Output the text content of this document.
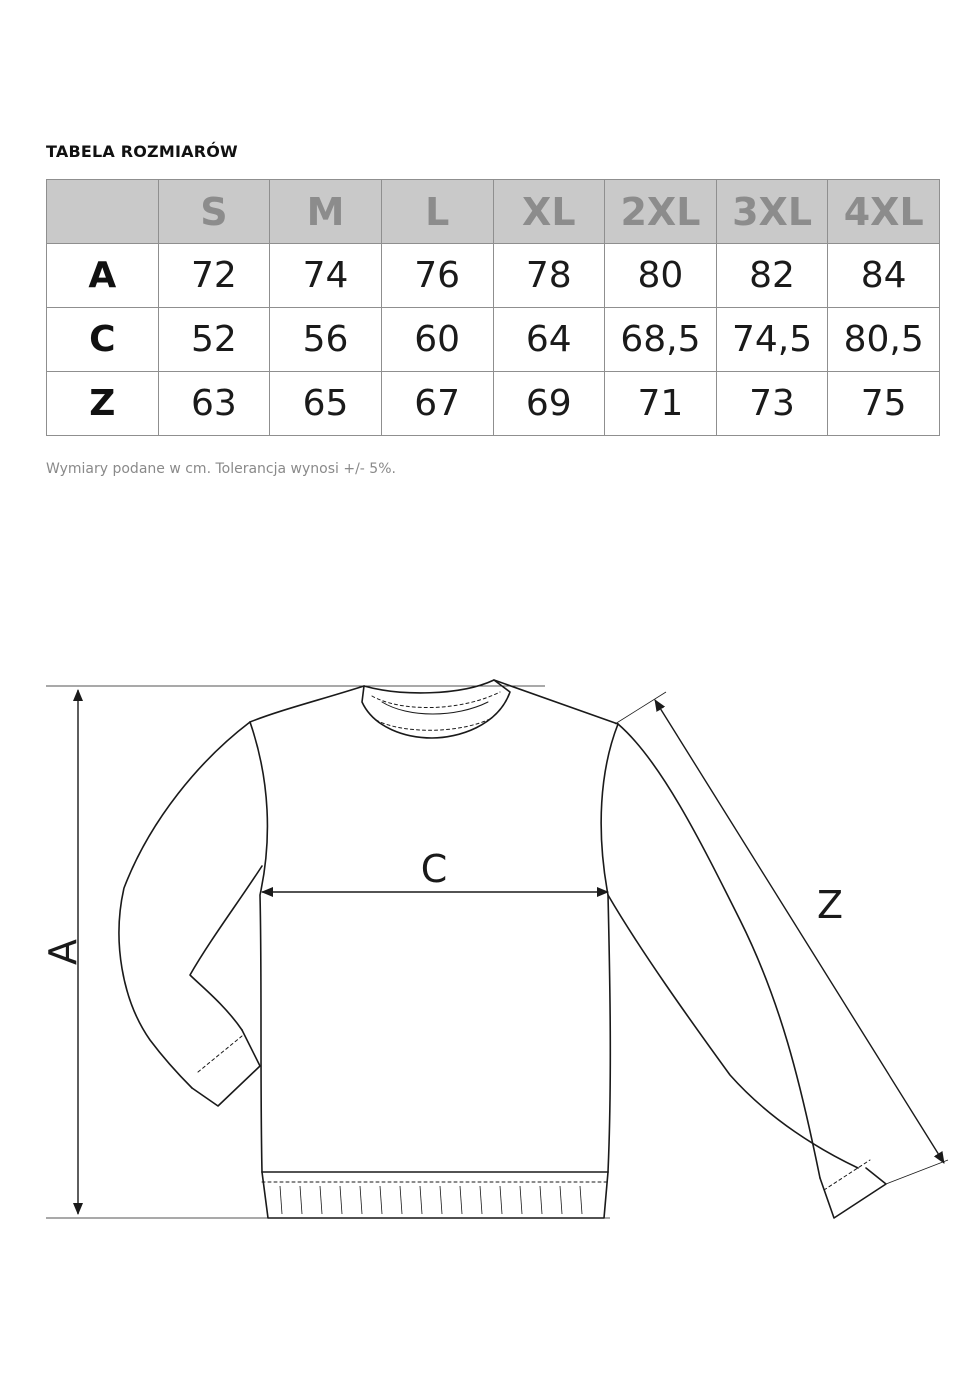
TABELA ROZMIARÓW
	S	M	L	XL	2XL	3XL	4XL
A	72	74	76	78	80	82	84
C	52	56	60	64	68,5	74,5	80,5
Z	63	65	67	69	71	73	75
Wymiary podane w cm. Tolerancja wynosi +/- 5%.
A
C
Z
